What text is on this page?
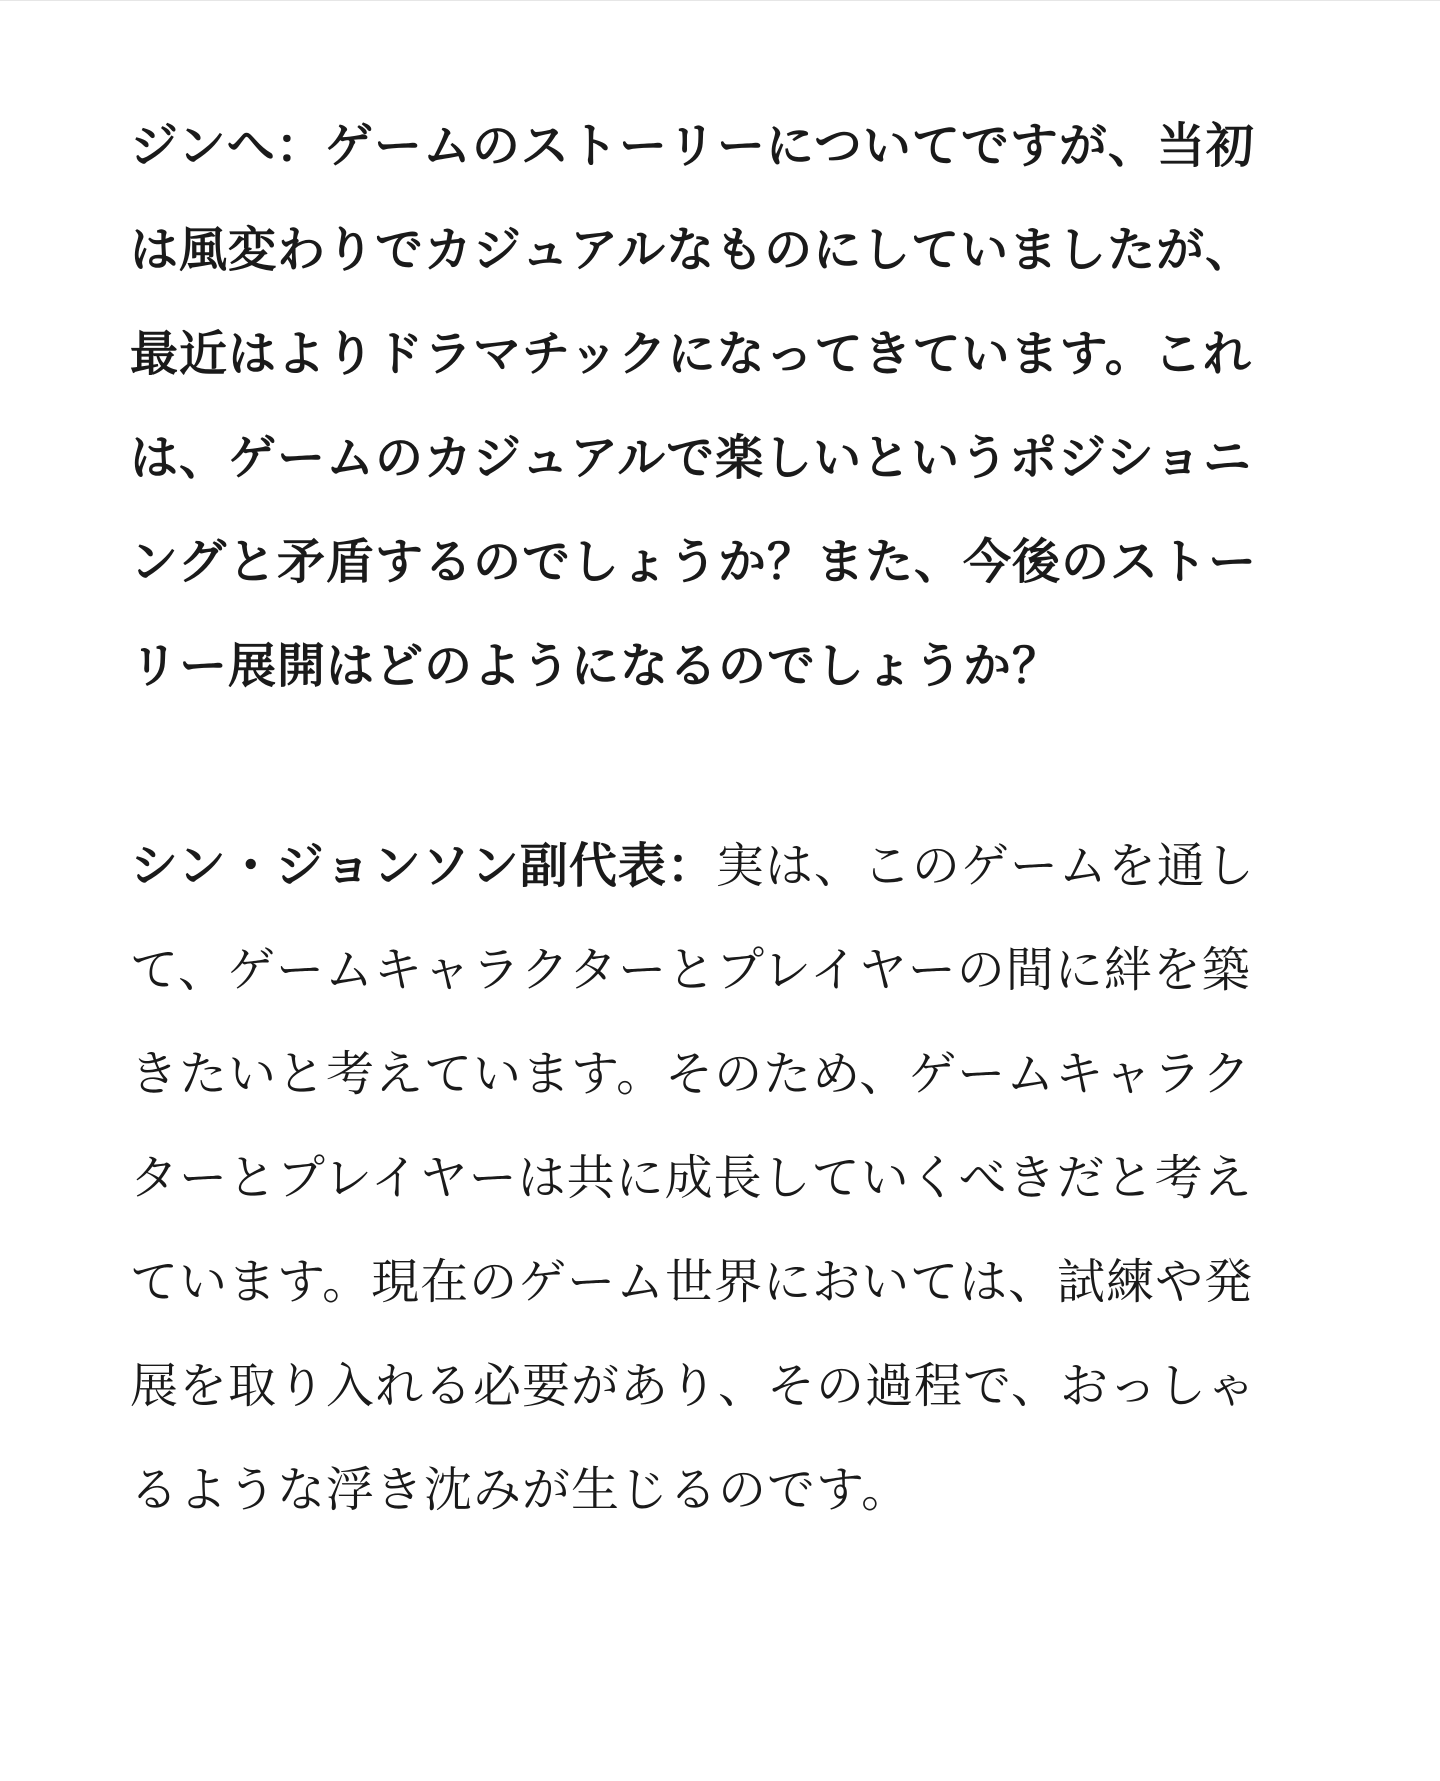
ジンへ：ゲームのストーリーについてですが、当初は風変わりでカジュアルなものにしていましたが、最近はよりドラマチックになってきています。これは、ゲームのカジュアルで楽しいというポジショニングと矛盾するのでしょうか？また、今後のストーリー展開はどのようになるのでしょうか？

シン・ジョンソン副代表：実は、このゲームを通して、ゲームキャラクターとプレイヤーの間に絆を築きたいと考えています。そのため、ゲームキャラクターとプレイヤーは共に成長していくべきだと考えています。現在のゲーム世界においては、試練や発展を取り入れる必要があり、その過程で、おっしゃるような浮き沈みが生じるのです。
